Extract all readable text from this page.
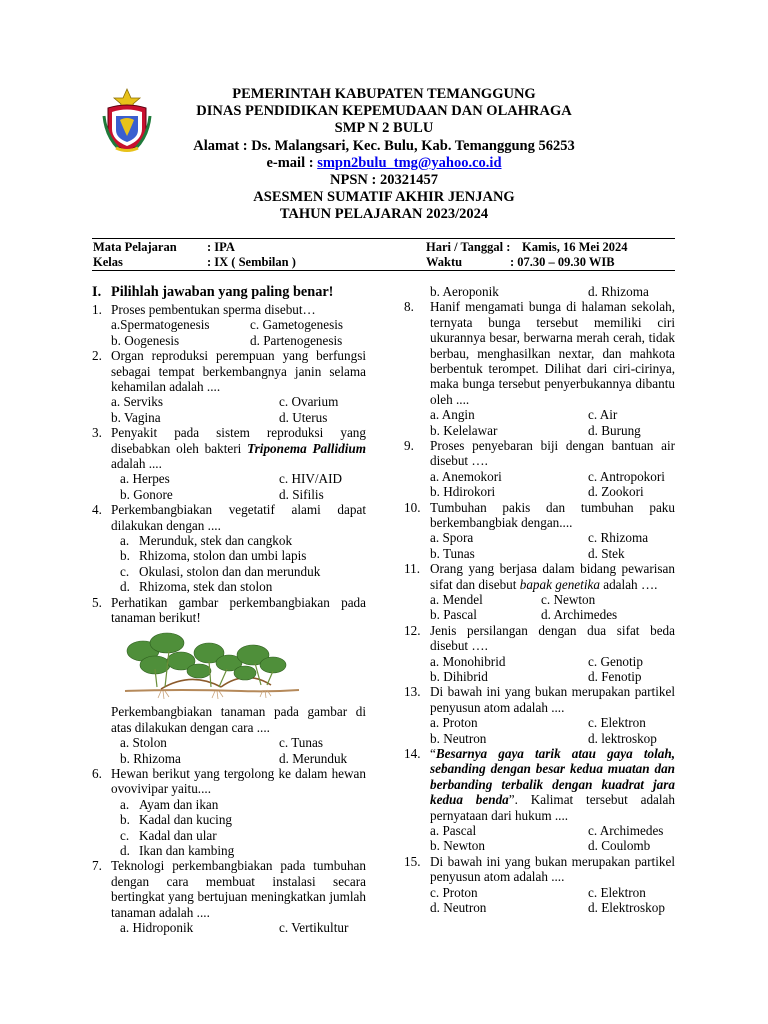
PEMERINTAH KABUPATEN TEMANGGUNG
DINAS PENDIDIKAN KEPEMUDAAN DAN OLAHRAGA
SMP N 2 BULU
Alamat : Ds. Malangsari, Kec. Bulu, Kab. Temanggung 56253
e-mail : smpn2bulu_tmg@yahoo.co.id
NPSN : 20321457
ASESMEN SUMATIF AKHIR JENJANG
TAHUN PELAJARAN 2023/2024
Mata Pelajaran : IPA	Hari / Tanggal : Kamis, 16 Mei 2024
Kelas	: IX ( Sembilan )	Waktu	: 07.30 – 09.30 WIB
I. Pilihlah jawaban yang paling benar!
1. Proses pembentukan sperma disebut…
a.Spermatogenesis	c. Gametogenesis
b. Oogenesis	d. Partenogenesis
2. Organ reproduksi perempuan yang berfungsi sebagai tempat berkembangnya janin selama kehamilan adalah ....
a. Serviks	c. Ovarium
b. Vagina	d. Uterus
3. Penyakit pada sistem reproduksi yang disebabkan oleh bakteri Triponema Pallidium adalah ....
a. Herpes	c. HIV/AID
b. Gonore	d. Sifilis
4. Perkembangbiakan vegetatif alami dapat dilakukan dengan ....
a. Merunduk, stek dan cangkok
b. Rhizoma, stolon dan umbi lapis
c. Okulasi, stolon dan dan merunduk
d. Rhizoma, stek dan stolon
5. Perhatikan gambar perkembangbiakan pada tanaman berikut!
Perkembangbiakan tanaman pada gambar di atas dilakukan dengan cara ....
a. Stolon	c. Tunas
b. Rhizoma	d. Merunduk
6. Hewan berikut yang tergolong ke dalam hewan ovovivipar yaitu....
a. Ayam dan ikan
b. Kadal dan kucing
c. Kadal dan ular
d. Ikan dan kambing
7. Teknologi perkembangbiakan pada tumbuhan dengan cara membuat instalasi secara bertingkat yang bertujuan meningkatkan jumlah tanaman adalah ....
a. Hidroponik	c. Vertikultur
b. Aeroponik	d. Rhizoma
8. Hanif mengamati bunga di halaman sekolah, ternyata bunga tersebut memiliki ciri ukurannya besar, berwarna merah cerah, tidak berbau, menghasilkan nextar, dan mahkota berbentuk terompet. Dilihat dari ciri-cirinya, maka bunga tersebut penyerbukannya dibantu oleh ....
a. Angin	c. Air
b. Kelelawar	d. Burung
9. Proses penyebaran biji dengan bantuan air disebut ….
a. Anemokori	c. Antropokori
b. Hdirokori	d. Zookori
10. Tumbuhan pakis dan tumbuhan paku berkembangbiak dengan....
a. Spora	c. Rhizoma
b. Tunas	d. Stek
11. Orang yang berjasa dalam bidang pewarisan sifat dan disebut bapak genetika adalah ….
a. Mendel	c. Newton
b. Pascal	d. Archimedes
12. Jenis persilangan dengan dua sifat beda disebut ….
a. Monohibrid	c. Genotip
b. Dihibrid	d. Fenotip
13. Di bawah ini yang bukan merupakan partikel penyusun atom adalah ....
a. Proton	c. Elektron
b. Neutron	d. lektroskop
14. “Besarnya gaya tarik atau gaya tolah, sebanding dengan besar kedua muatan dan berbanding terbalik dengan kuadrat jara kedua benda”. Kalimat tersebut adalah pernyataan dari hukum ....
a. Pascal	c. Archimedes
b. Newton	d. Coulomb
15. Di bawah ini yang bukan merupakan partikel penyusun atom adalah ....
c. Proton	c. Elektron
d. Neutron	d. Elektroskop
